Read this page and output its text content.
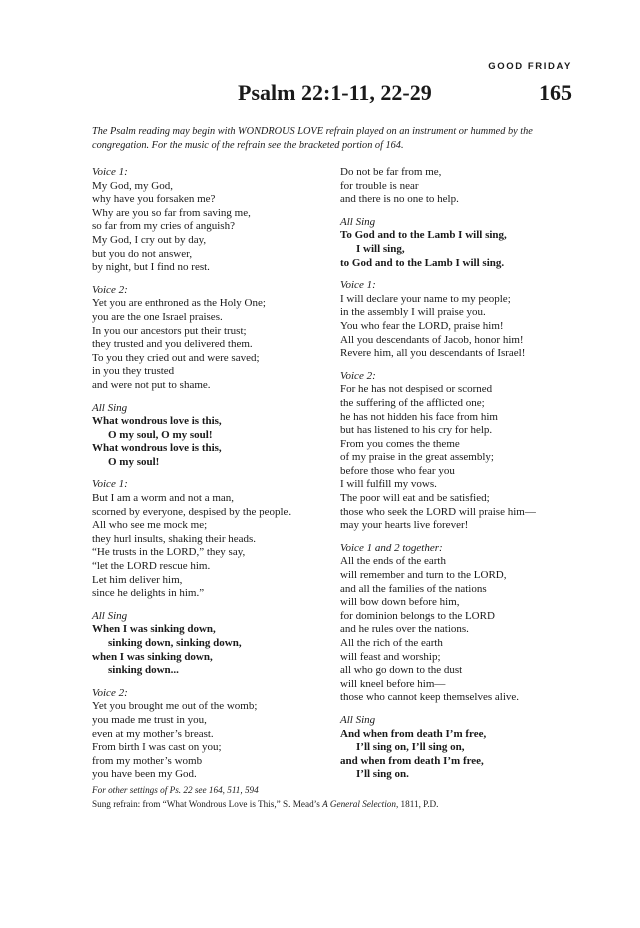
GOOD FRIDAY
Psalm 22:1-11, 22-29	165
The Psalm reading may begin with WONDROUS LOVE refrain played on an instrument or hummed by the congregation. For the music of the refrain see the bracketed portion of 164.
Voice 1:
My God, my God,
why have you forsaken me?
Why are you so far from saving me,
so far from my cries of anguish?
My God, I cry out by day,
but you do not answer,
by night, but I find no rest.
Voice 2:
Yet you are enthroned as the Holy One;
you are the one Israel praises.
In you our ancestors put their trust;
they trusted and you delivered them.
To you they cried out and were saved;
in you they trusted
and were not put to shame.
All Sing
What wondrous love is this,
O my soul, O my soul!
What wondrous love is this,
O my soul!
Voice 1:
But I am a worm and not a man,
scorned by everyone, despised by the people.
All who see me mock me;
they hurl insults, shaking their heads.
“He trusts in the LORD,” they say,
“let the LORD rescue him.
Let him deliver him,
since he delights in him.”
All Sing
When I was sinking down,
sinking down, sinking down,
when I was sinking down,
sinking down...
Voice 2:
Yet you brought me out of the womb;
you made me trust in you,
even at my mother’s breast.
From birth I was cast on you;
from my mother’s womb
you have been my God.
Do not be far from me,
for trouble is near
and there is no one to help.
All Sing
To God and to the Lamb I will sing,
I will sing,
to God and to the Lamb I will sing.
Voice 1:
I will declare your name to my people;
in the assembly I will praise you.
You who fear the LORD, praise him!
All you descendants of Jacob, honor him!
Revere him, all you descendants of Israel!
Voice 2:
For he has not despised or scorned
the suffering of the afflicted one;
he has not hidden his face from him
but has listened to his cry for help.
From you comes the theme
of my praise in the great assembly;
before those who fear you
I will fulfill my vows.
The poor will eat and be satisfied;
those who seek the LORD will praise him—
may your hearts live forever!
Voice 1 and 2 together:
All the ends of the earth
will remember and turn to the LORD,
and all the families of the nations
will bow down before him,
for dominion belongs to the LORD
and he rules over the nations.
All the rich of the earth
will feast and worship;
all who go down to the dust
will kneel before him—
those who cannot keep themselves alive.
All Sing
And when from death I’m free,
I’ll sing on, I’ll sing on,
and when from death I’m free,
I’ll sing on.
For other settings of Ps. 22 see 164, 511, 594
Sung refrain: from “What Wondrous Love is This,” S. Mead’s A General Selection, 1811, P.D.
